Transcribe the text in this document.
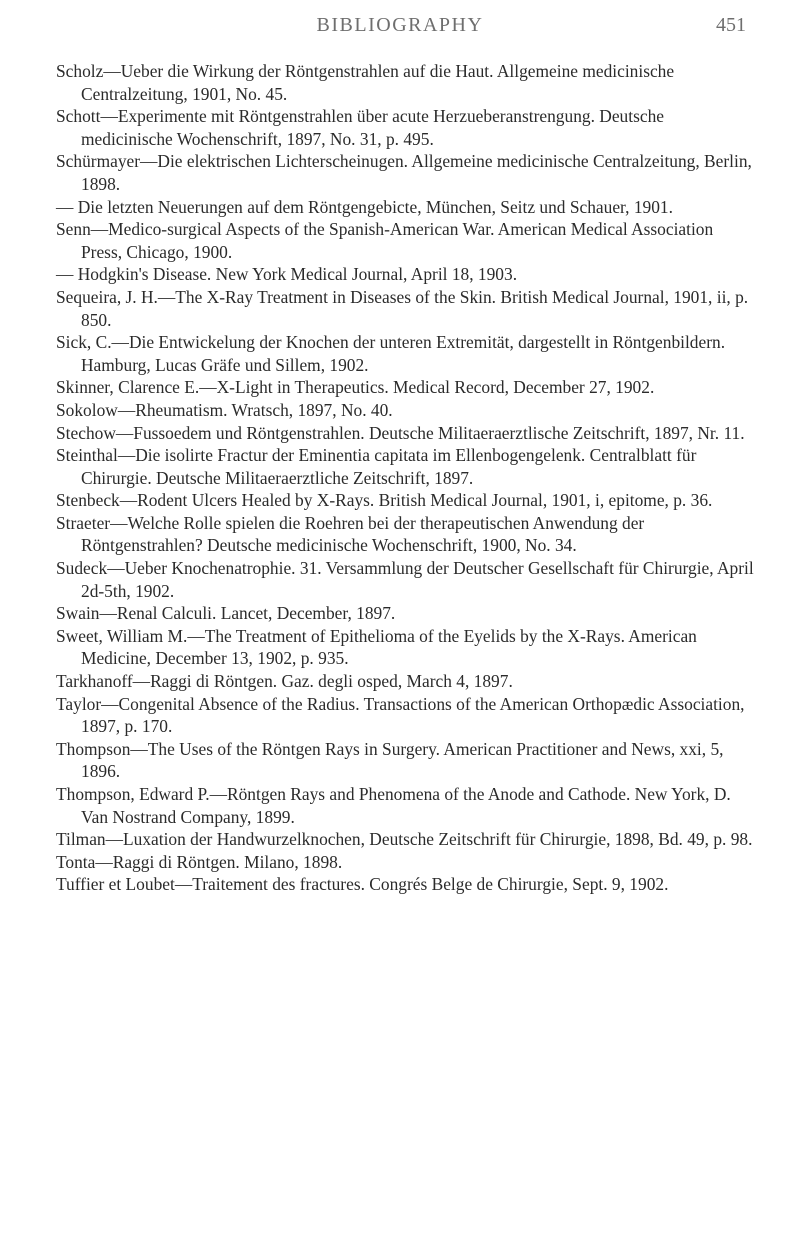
BIBLIOGRAPHY	451

Scholz—Ueber die Wirkung der Röntgenstrahlen auf die Haut. Allgemeine medicinische Centralzeitung, 1901, No. 45.

Schott—Experimente mit Röntgenstrahlen über acute Herzueberanstrengung. Deutsche medicinische Wochenschrift, 1897, No. 31, p. 495.

Schürmayer—Die elektrischen Lichterscheinugen. Allgemeine medicinische Centralzeitung, Berlin, 1898.

— Die letzten Neuerungen auf dem Röntgengebicte, München, Seitz und Schauer, 1901.

Senn—Medico-surgical Aspects of the Spanish-American War. American Medical Association Press, Chicago, 1900.

— Hodgkin's Disease. New York Medical Journal, April 18, 1903.

Sequeira, J. H.—The X-Ray Treatment in Diseases of the Skin. British Medical Journal, 1901, ii, p. 850.

Sick, C.—Die Entwickelung der Knochen der unteren Extremität, dargestellt in Röntgenbildern. Hamburg, Lucas Gräfe und Sillem, 1902.

Skinner, Clarence E.—X-Light in Therapeutics. Medical Record, December 27, 1902.

Sokolow—Rheumatism. Wratsch, 1897, No. 40.

Stechow—Fussoedem und Röntgenstrahlen. Deutsche Militaeraerztlische Zeitschrift, 1897, Nr. 11.

Steinthal—Die isolirte Fractur der Eminentia capitata im Ellenbogengelenk. Centralblatt für Chirurgie. Deutsche Militaeraerztliche Zeitschrift, 1897.

Stenbeck—Rodent Ulcers Healed by X-Rays. British Medical Journal, 1901, i, epitome, p. 36.

Straeter—Welche Rolle spielen die Roehren bei der therapeutischen Anwendung der Röntgenstrahlen? Deutsche medicinische Wochenschrift, 1900, No. 34.

Sudeck—Ueber Knochenatrophie. 31. Versammlung der Deutscher Gesellschaft für Chirurgie, April 2d-5th, 1902.

Swain—Renal Calculi. Lancet, December, 1897.

Sweet, William M.—The Treatment of Epithelioma of the Eyelids by the X-Rays. American Medicine, December 13, 1902, p. 935.

Tarkhanoff—Raggi di Röntgen. Gaz. degli osped, March 4, 1897.

Taylor—Congenital Absence of the Radius. Transactions of the American Orthopædic Association, 1897, p. 170.

Thompson—The Uses of the Röntgen Rays in Surgery. American Practitioner and News, xxi, 5, 1896.

Thompson, Edward P.—Röntgen Rays and Phenomena of the Anode and Cathode. New York, D. Van Nostrand Company, 1899.

Tilman—Luxation der Handwurzelknochen, Deutsche Zeitschrift für Chirurgie, 1898, Bd. 49, p. 98.

Tonta—Raggi di Röntgen. Milano, 1898.

Tuffier et Loubet—Traitement des fractures. Congrés Belge de Chirurgie, Sept. 9, 1902.
